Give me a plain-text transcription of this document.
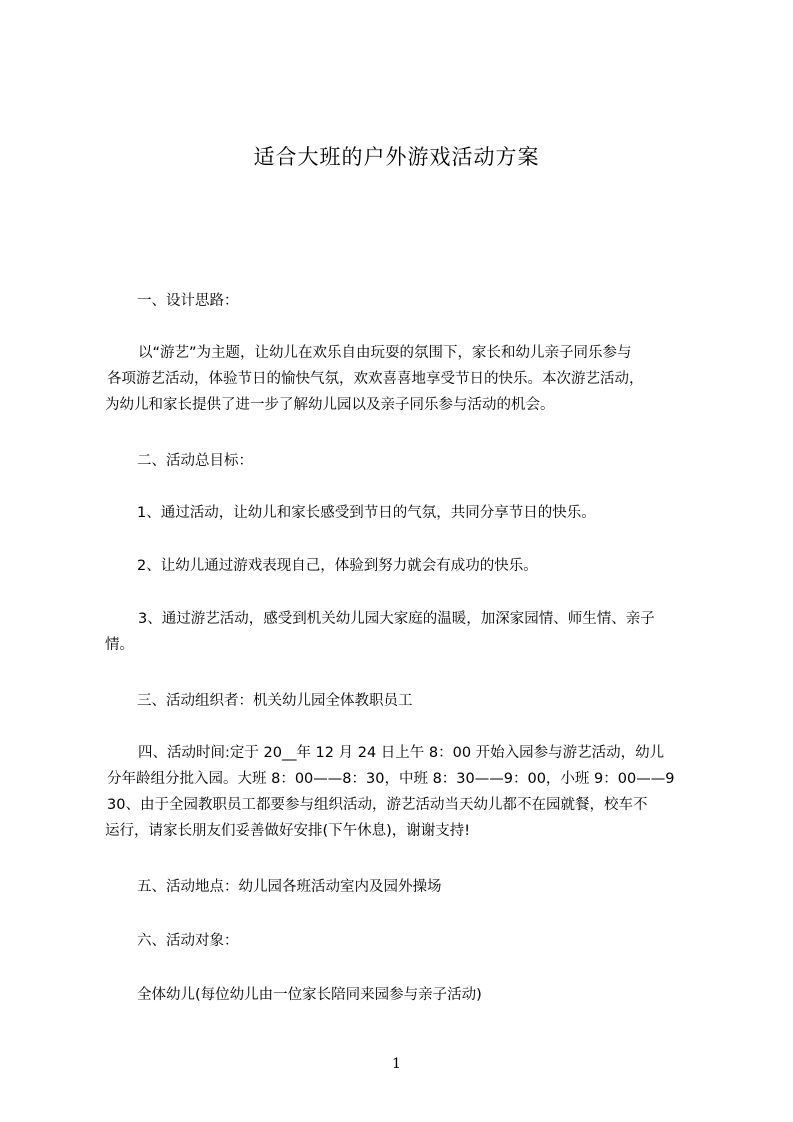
适合大班的户外游戏活动方案
一、设计思路：
以“游艺”为主题，让幼儿在欢乐自由玩耍的氛围下，家长和幼儿亲子同乐参与
各项游艺活动，体验节日的愉快气氛，欢欢喜喜地享受节日的快乐。本次游艺活动，
为幼儿和家长提供了进一步了解幼儿园以及亲子同乐参与活动的机会。
二、活动总目标：
1、通过活动，让幼儿和家长感受到节日的气氛，共同分享节日的快乐。
2、让幼儿通过游戏表现自己，体验到努力就会有成功的快乐。
3、通过游艺活动，感受到机关幼儿园大家庭的温暖，加深家园情、师生情、亲子
情。
三、活动组织者：机关幼儿园全体教职员工
四、活动时间:定于 20__年 12 月 24 日上午 8：00 开始入园参与游艺活动，幼儿
分年龄组分批入园。大班 8：00——8：30，中班 8：30——9：00，小班 9：00——9
30、由于全园教职员工都要参与组织活动，游艺活动当天幼儿都不在园就餐，校车不
运行，请家长朋友们妥善做好安排(下午休息)，谢谢支持!
五、活动地点：幼儿园各班活动室内及园外操场
六、活动对象：
全体幼儿(每位幼儿由一位家长陪同来园参与亲子活动)
1
